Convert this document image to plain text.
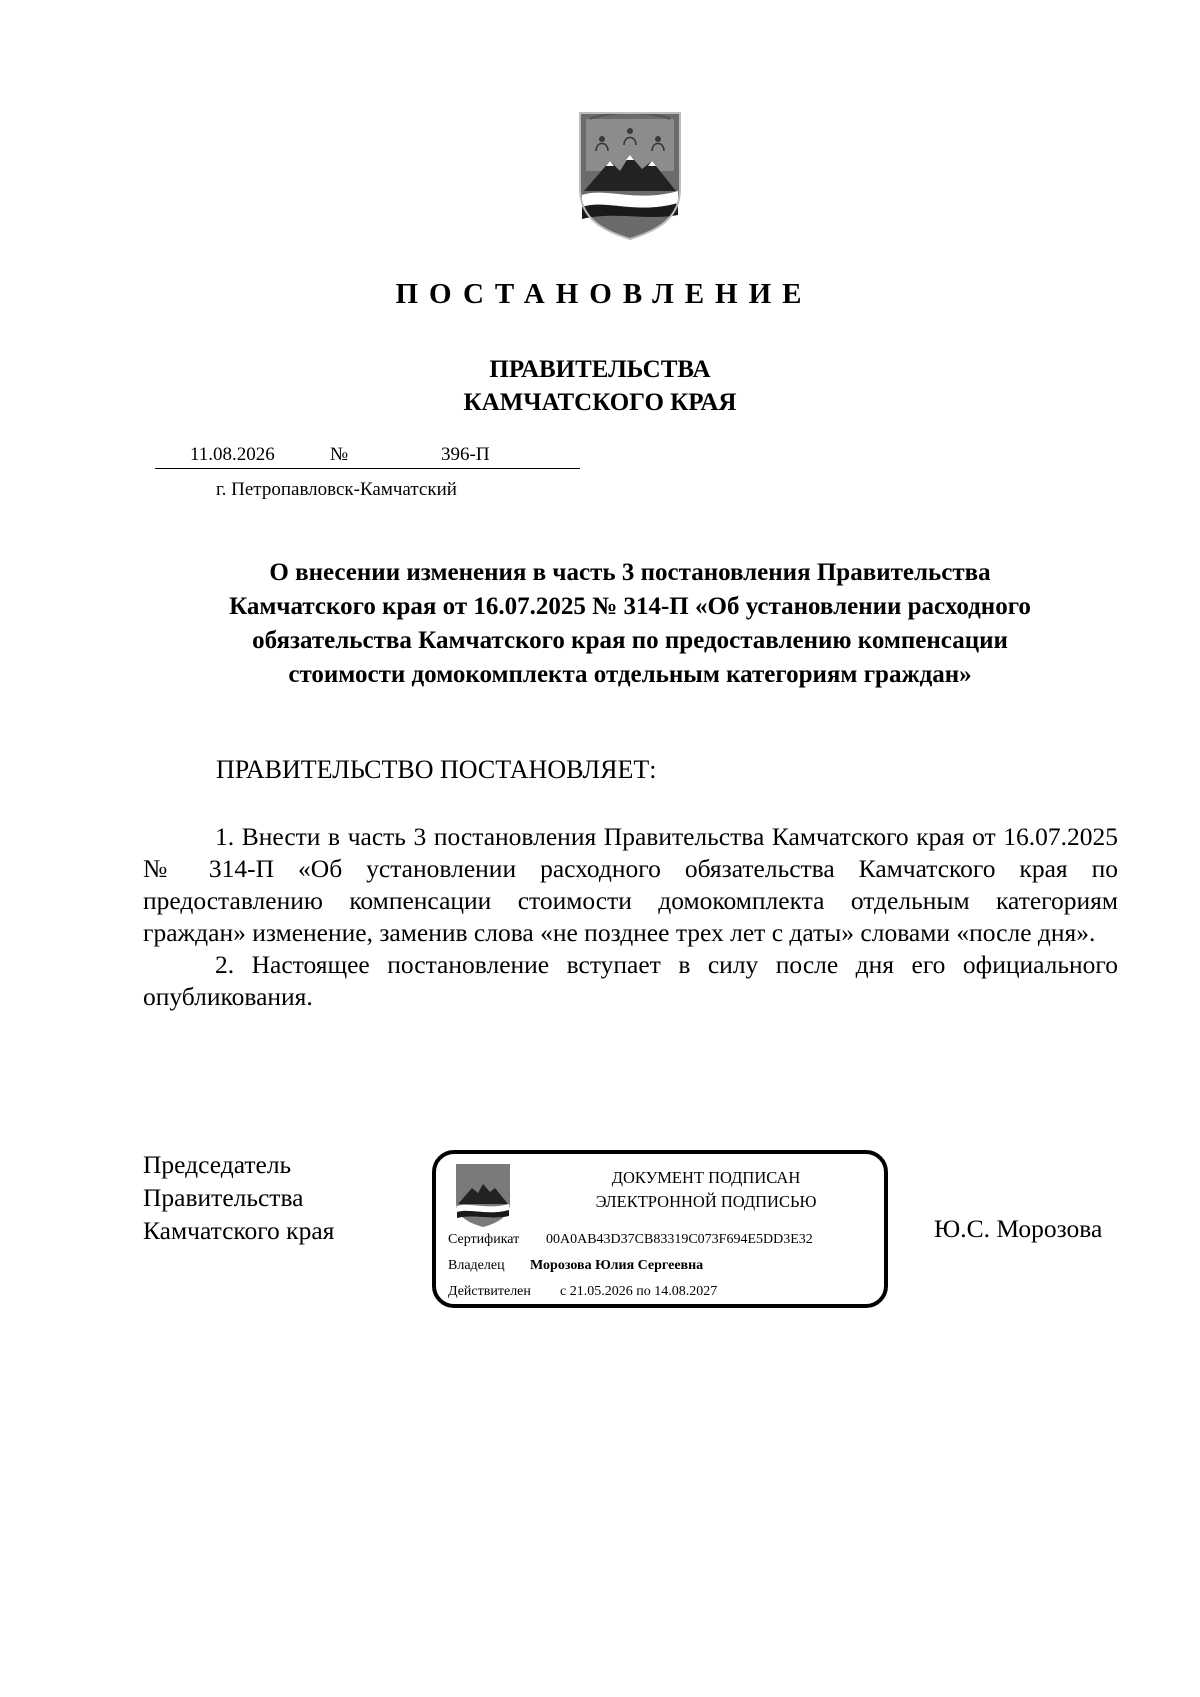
ПОСТАНОВЛЕНИЕ
ПРАВИТЕЛЬСТВА
КАМЧАТСКОГО КРАЯ
11.08.2026	№	396-П
г. Петропавловск-Камчатский
О внесении изменения в часть 3 постановления Правительства
Камчатского края от 16.07.2025 № 314-П «Об установлении расходного
обязательства Камчатского края по предоставлению компенсации
стоимости домокомплекта отдельным категориям граждан»
ПРАВИТЕЛЬСТВО ПОСТАНОВЛЯЕТ:

1. Внести в часть 3 постановления Правительства Камчатского края от 16.07.2025 № 314-П «Об установлении расходного обязательства Камчатского края по предоставлению компенсации стоимости домокомплекта отдельным категориям граждан» изменение, заменив слова «не позднее трех лет с даты» словами «после дня».

2. Настоящее постановление вступает в силу после дня его официального опубликования.

Председатель
Правительства
Камчатского края
ДОКУМЕНТ ПОДПИСАН
ЭЛЕКТРОННОЙ ПОДПИСЬЮ
Сертификат 00A0AB43D37CB83319C073F694E5DD3E32
Владелец Морозова Юлия Сергеевна
Действителен с 21.05.2026 по 14.08.2027
Ю.С. Морозова
